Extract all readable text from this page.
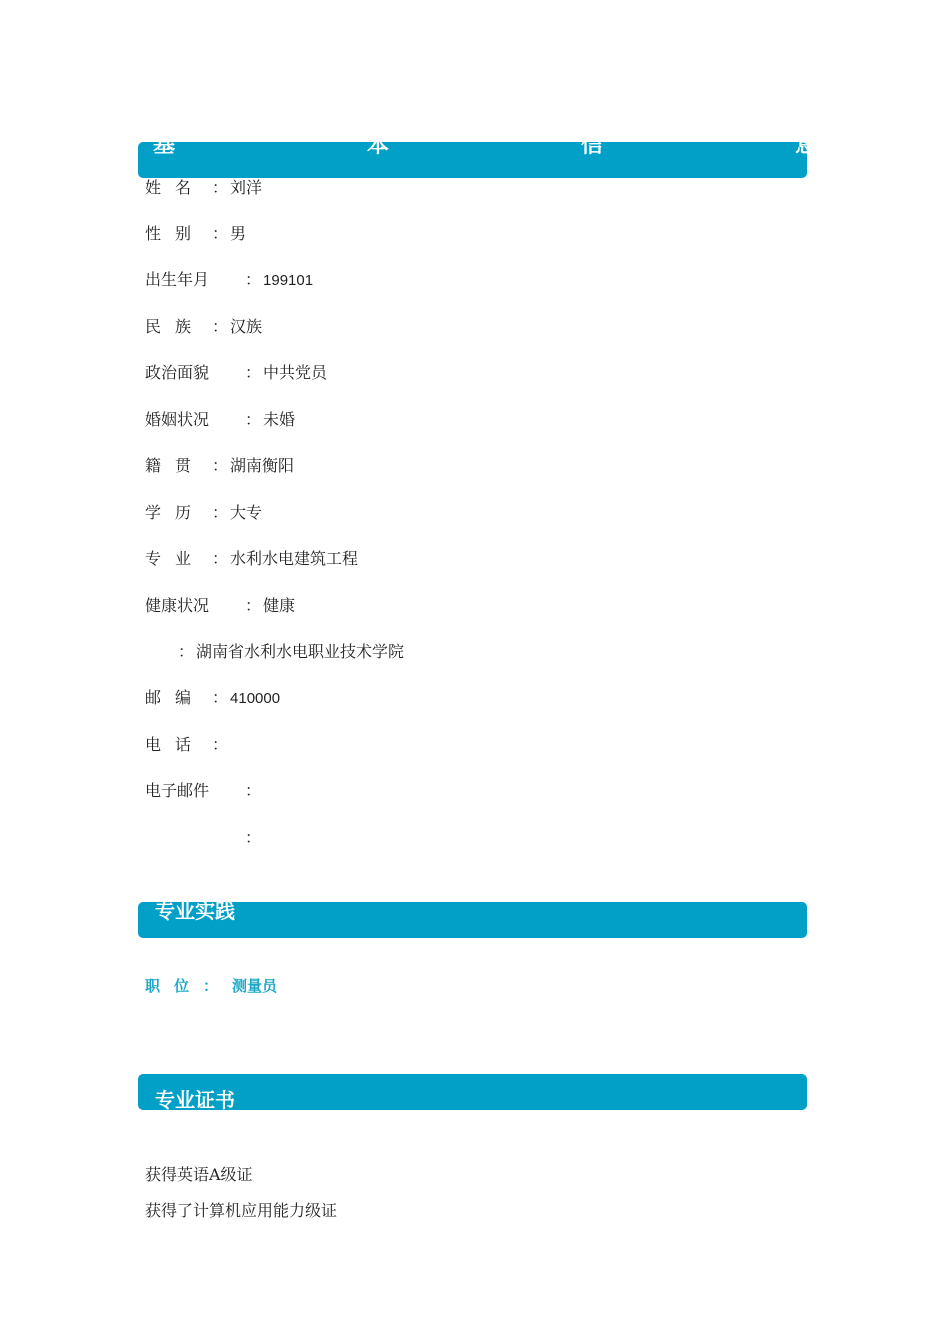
基	本	信	息
姓名 ： 刘洋
性别 ： 男
出生年月 ： 199101
民族 ： 汉族
政治面貌 ： 中共党员
婚姻状况 ： 未婚
籍贯 ： 湖南衡阳
学历 ： 大专
专业 ： 水利水电建筑工程
健康状况 ： 健康
： 湖南省水利水电职业技术学院
邮编 ： 410000
电话 ：
电子邮件 ：
：
专业实践
职位：测量员
专业证书
获得英语A级证
获得了计算机应用能力级证
